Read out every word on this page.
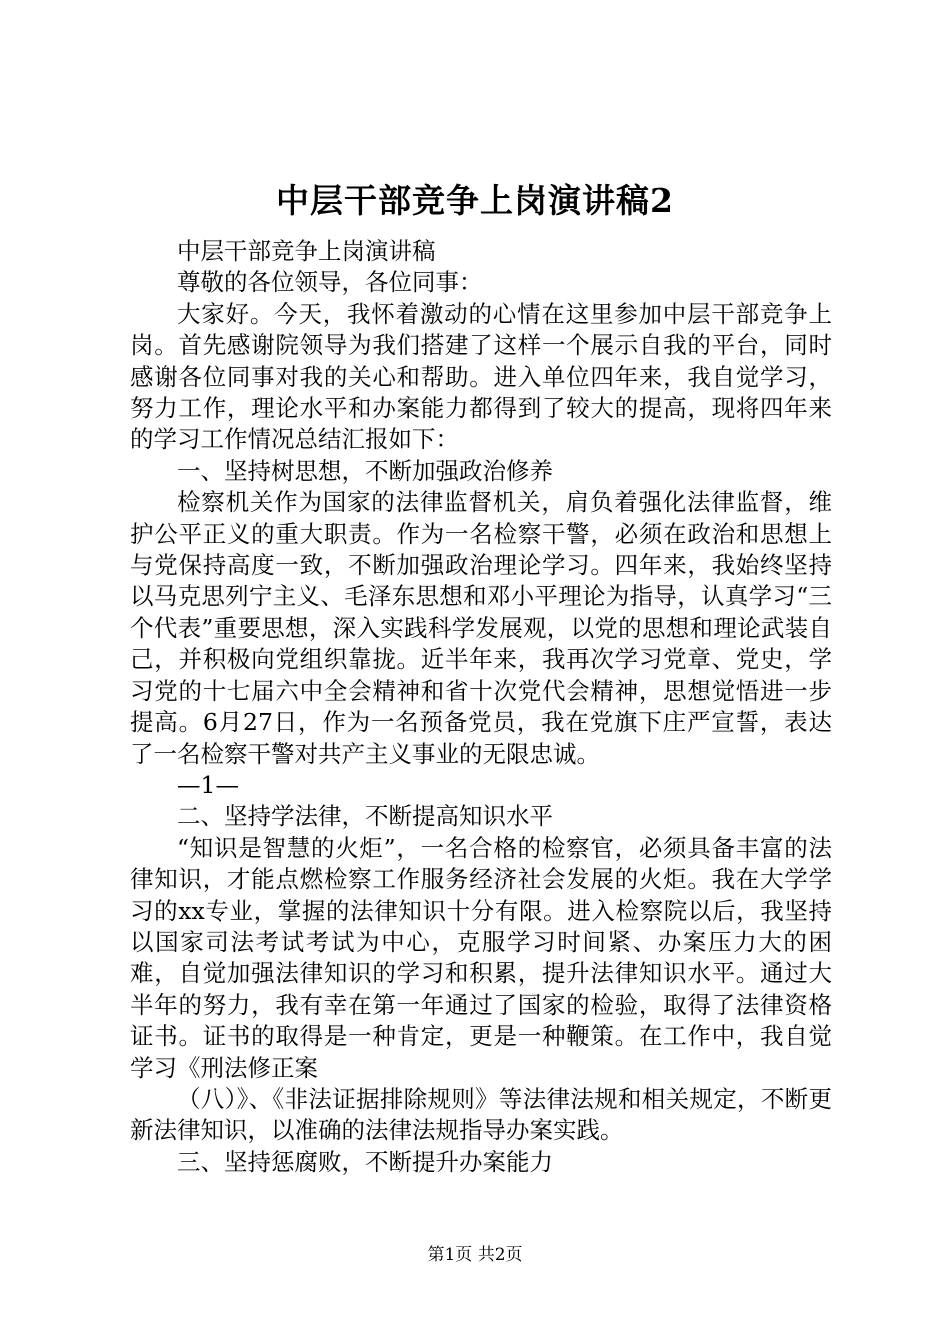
中层干部竞争上岗演讲稿2

中层干部竞争上岗演讲稿

尊敬的各位领导，各位同事：

大家好。今天，我怀着激动的心情在这里参加中层干部竞争上岗。首先感谢院领导为我们搭建了这样一个展示自我的平台，同时感谢各位同事对我的关心和帮助。进入单位四年来，我自觉学习，努力工作，理论水平和办案能力都得到了较大的提高，现将四年来的学习工作情况总结汇报如下：

一、坚持树思想，不断加强政治修养

检察机关作为国家的法律监督机关，肩负着强化法律监督，维护公平正义的重大职责。作为一名检察干警，必须在政治和思想上与党保持高度一致，不断加强政治理论学习。四年来，我始终坚持以马克思列宁主义、毛泽东思想和邓小平理论为指导，认真学习“三个代表”重要思想，深入实践科学发展观，以党的思想和理论武装自己，并积极向党组织靠拢。近半年来，我再次学习党章、党史，学习党的十七届六中全会精神和省十次党代会精神，思想觉悟进一步提高。6月27日，作为一名预备党员，我在党旗下庄严宣誓，表达了一名检察干警对共产主义事业的无限忠诚。

—1—

二、坚持学法律，不断提高知识水平

“知识是智慧的火炬”，一名合格的检察官，必须具备丰富的法律知识，才能点燃检察工作服务经济社会发展的火炬。我在大学学习的xx专业，掌握的法律知识十分有限。进入检察院以后，我坚持以国家司法考试考试为中心，克服学习时间紧、办案压力大的困难，自觉加强法律知识的学习和积累，提升法律知识水平。通过大半年的努力，我有幸在第一年通过了国家的检验，取得了法律资格证书。证书的取得是一种肯定，更是一种鞭策。在工作中，我自觉学习《刑法修正案

（八）》、《非法证据排除规则》等法律法规和相关规定，不断更新法律知识，以准确的法律法规指导办案实践。

三、坚持惩腐败，不断提升办案能力

第1页 共2页
